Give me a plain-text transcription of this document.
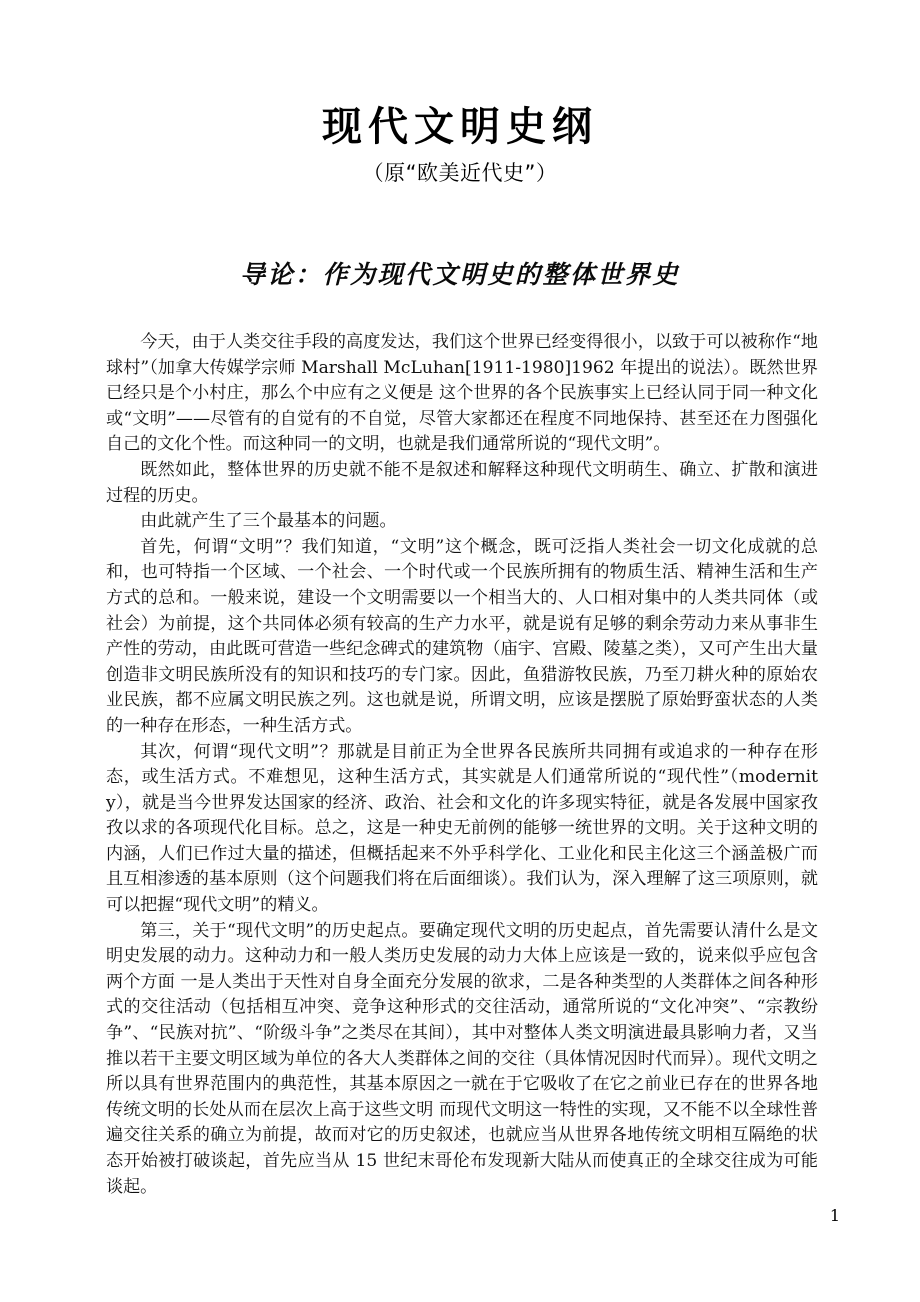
现代文明史纲
（原“欧美近代史”）
导论：作为现代文明史的整体世界史

今天，由于人类交往手段的高度发达，我们这个世界已经变得很小，以致于可以被称作“地球村”（加拿大传媒学宗师 Marshall McLuhan[1911-1980]1962 年提出的说法）。既然世界已经只是个小村庄，那么个中应有之义便是 这个世界的各个民族事实上已经认同于同一种文化或“文明”——尽管有的自觉有的不自觉，尽管大家都还在程度不同地保持、甚至还在力图强化自己的文化个性。而这种同一的文明，也就是我们通常所说的“现代文明”。

既然如此，整体世界的历史就不能不是叙述和解释这种现代文明萌生、确立、扩散和演进过程的历史。

由此就产生了三个最基本的问题。

首先，何谓“文明”？我们知道，“文明”这个概念，既可泛指人类社会一切文化成就的总和，也可特指一个区域、一个社会、一个时代或一个民族所拥有的物质生活、精神生活和生产方式的总和。一般来说，建设一个文明需要以一个相当大的、人口相对集中的人类共同体（或社会）为前提，这个共同体必须有较高的生产力水平，就是说有足够的剩余劳动力来从事非生产性的劳动，由此既可营造一些纪念碑式的建筑物（庙宇、宫殿、陵墓之类），又可产生出大量创造非文明民族所没有的知识和技巧的专门家。因此，鱼猎游牧民族，乃至刀耕火种的原始农业民族，都不应属文明民族之列。这也就是说，所谓文明，应该是摆脱了原始野蛮状态的人类的一种存在形态，一种生活方式。

其次，何谓“现代文明”？那就是目前正为全世界各民族所共同拥有或追求的一种存在形态，或生活方式。不难想见，这种生活方式，其实就是人们通常所说的“现代性”（modernity），就是当今世界发达国家的经济、政治、社会和文化的许多现实特征，就是各发展中国家孜孜以求的各项现代化目标。总之，这是一种史无前例的能够一统世界的文明。关于这种文明的内涵，人们已作过大量的描述，但概括起来不外乎科学化、工业化和民主化这三个涵盖极广而且互相渗透的基本原则（这个问题我们将在后面细谈）。我们认为，深入理解了这三项原则，就可以把握“现代文明”的精义。

第三，关于“现代文明”的历史起点。要确定现代文明的历史起点，首先需要认清什么是文明史发展的动力。这种动力和一般人类历史发展的动力大体上应该是一致的，说来似乎应包含两个方面 一是人类出于天性对自身全面充分发展的欲求，二是各种类型的人类群体之间各种形式的交往活动（包括相互冲突、竞争这种形式的交往活动，通常所说的“文化冲突”、“宗教纷争”、“民族对抗”、“阶级斗争”之类尽在其间），其中对整体人类文明演进最具影响力者，又当推以若干主要文明区域为单位的各大人类群体之间的交往（具体情况因时代而异）。现代文明之所以具有世界范围内的典范性，其基本原因之一就在于它吸收了在它之前业已存在的世界各地传统文明的长处从而在层次上高于这些文明 而现代文明这一特性的实现，又不能不以全球性普遍交往关系的确立为前提，故而对它的历史叙述，也就应当从世界各地传统文明相互隔绝的状态开始被打破谈起，首先应当从 15 世纪末哥伦布发现新大陆从而使真正的全球交往成为可能谈起。

1
